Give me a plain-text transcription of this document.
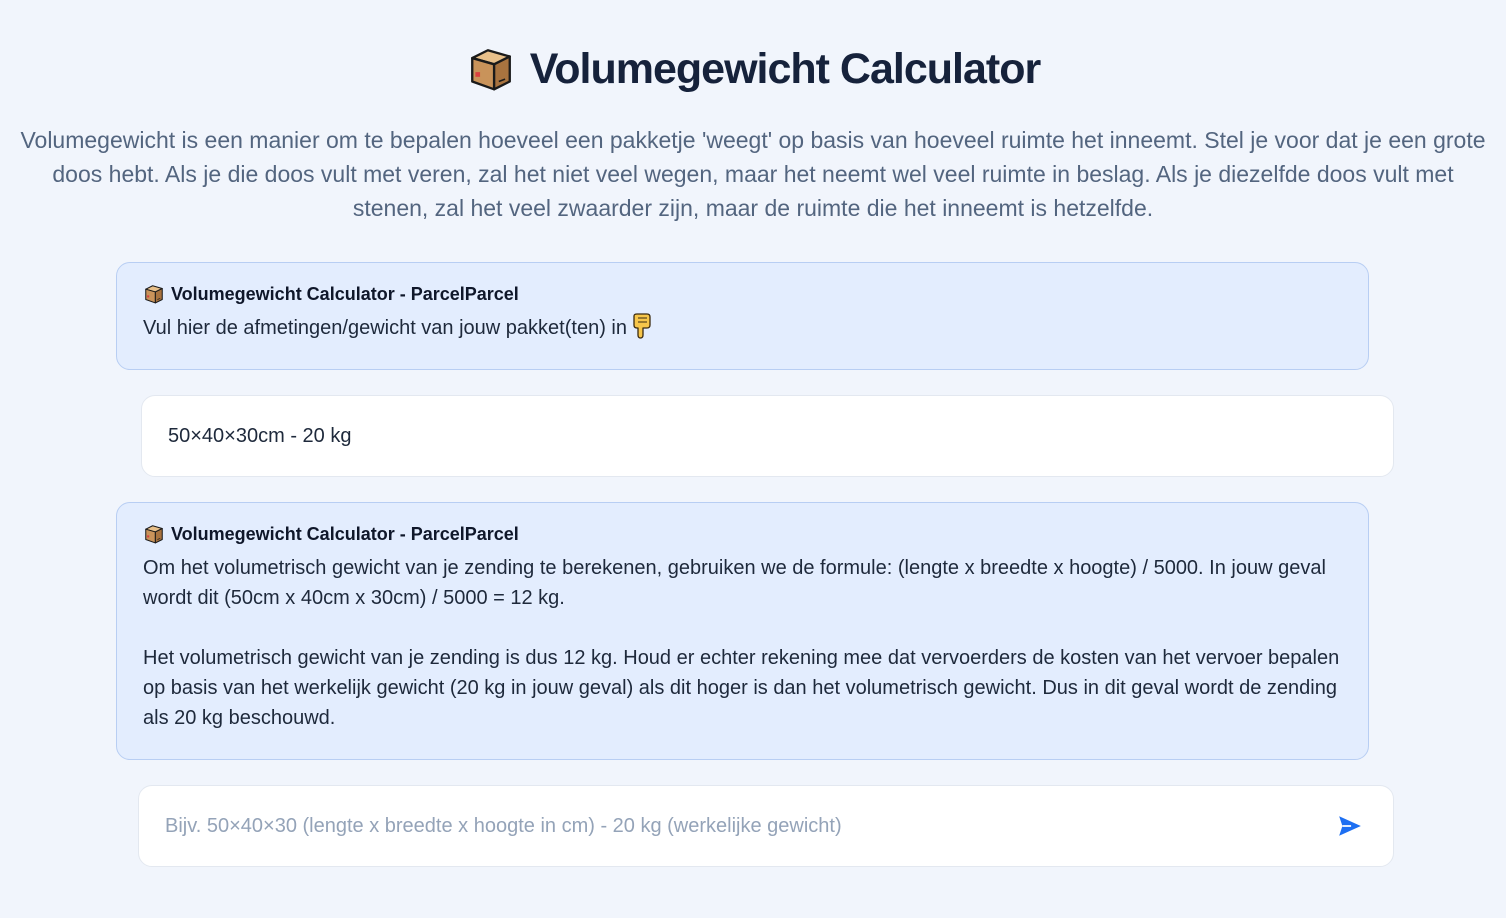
Volumegewicht Calculator

Volumegewicht is een manier om te bepalen hoeveel een pakketje 'weegt' op basis van hoeveel ruimte het inneemt. Stel je voor dat je een grote doos hebt. Als je die doos vult met veren, zal het niet veel wegen, maar het neemt wel veel ruimte in beslag. Als je diezelfde doos vult met stenen, zal het veel zwaarder zijn, maar de ruimte die het inneemt is hetzelfde.

Volumegewicht Calculator - ParcelParcel

Vul hier de afmetingen/gewicht van jouw pakket(ten) in

50×40×30cm - 20 kg
Volumegewicht Calculator - ParcelParcel

Om het volumetrisch gewicht van je zending te berekenen, gebruiken we de formule: (lengte x breedte x hoogte) / 5000. In jouw geval wordt dit (50cm x 40cm x 30cm) / 5000 = 12 kg.

Het volumetrisch gewicht van je zending is dus 12 kg. Houd er echter rekening mee dat vervoerders de kosten van het vervoer bepalen op basis van het werkelijk gewicht (20 kg in jouw geval) als dit hoger is dan het volumetrisch gewicht. Dus in dit geval wordt de zending als 20 kg beschouwd.

Bijv. 50×40×30 (lengte x breedte x hoogte in cm) - 20 kg (werkelijke gewicht)
